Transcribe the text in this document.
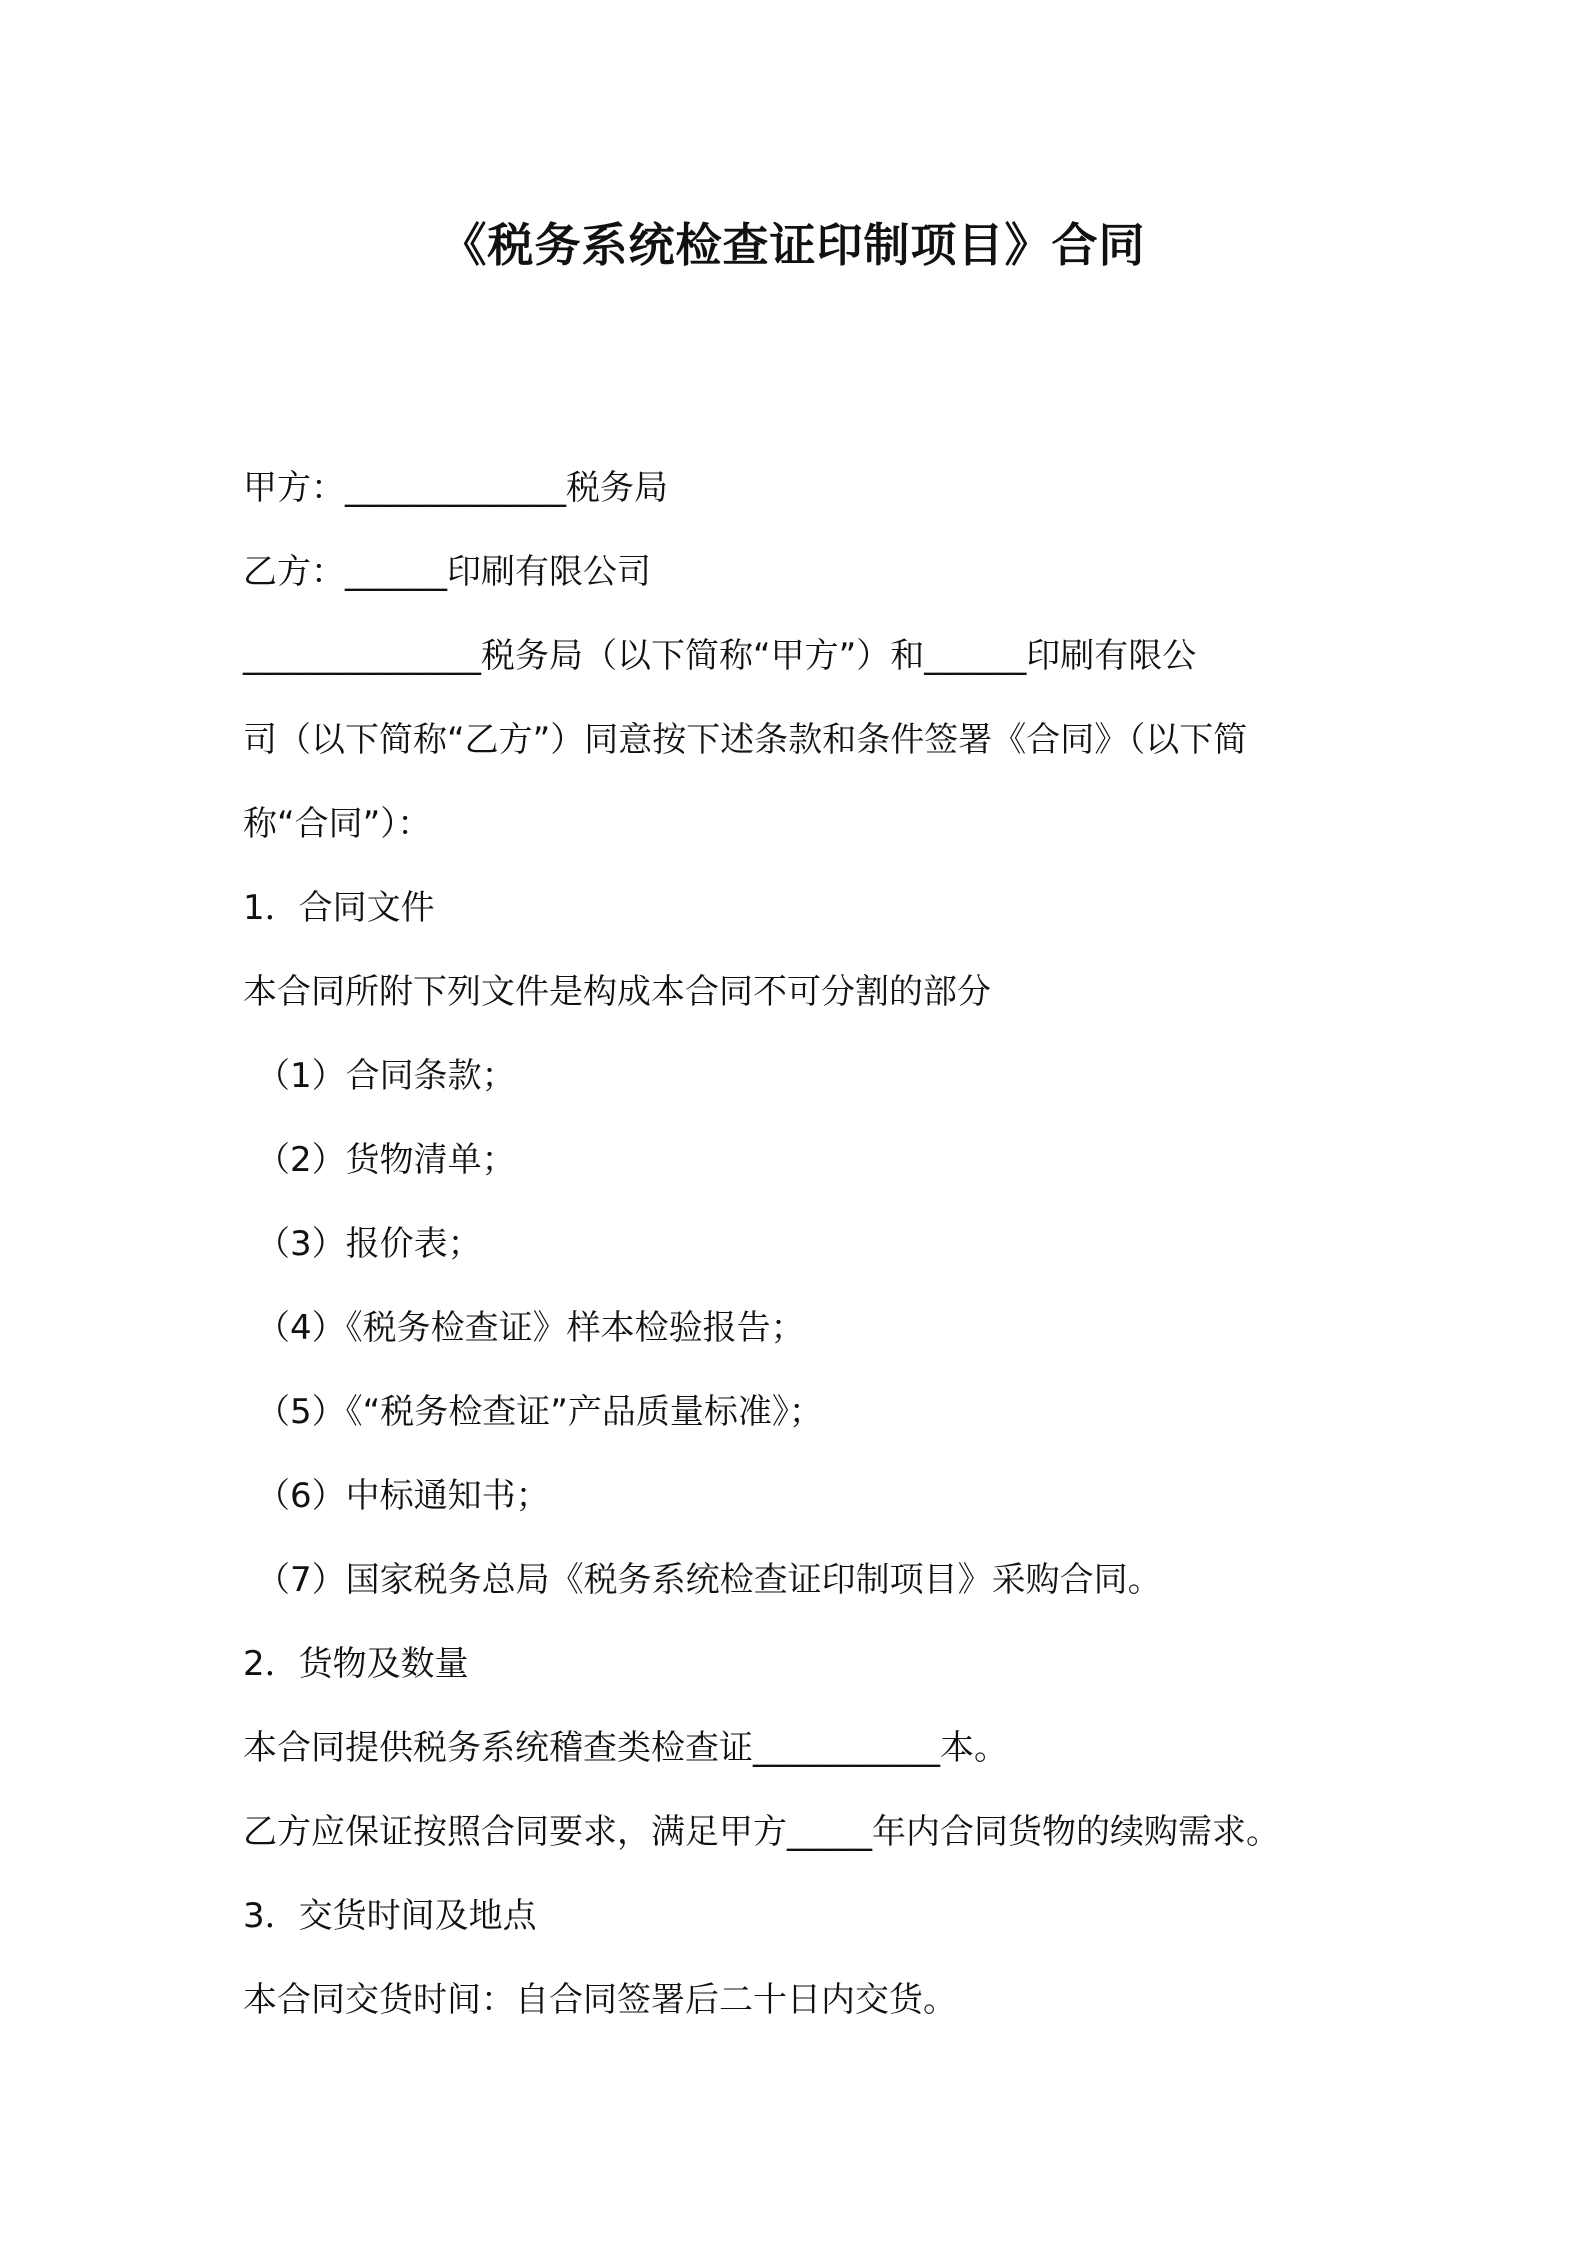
《税务系统检查证印制项目》合同

甲方：_____________税务局

乙方：______印刷有限公司

______________税务局（以下简称“甲方”）和______印刷有限公

司（以下简称“乙方”）同意按下述条款和条件签署《合同》（以下简

称“合同”）：

1．合同文件

本合同所附下列文件是构成本合同不可分割的部分

（1）合同条款；

（2）货物清单；

（3）报价表；

（4）《税务检查证》样本检验报告；

（5）《“税务检查证”产品质量标准》；

（6）中标通知书；

（7）国家税务总局《税务系统检查证印制项目》采购合同。

2．货物及数量

本合同提供税务系统稽查类检查证___________本。

乙方应保证按照合同要求，满足甲方_____年内合同货物的续购需求。

3．交货时间及地点

本合同交货时间：自合同签署后二十日内交货。
